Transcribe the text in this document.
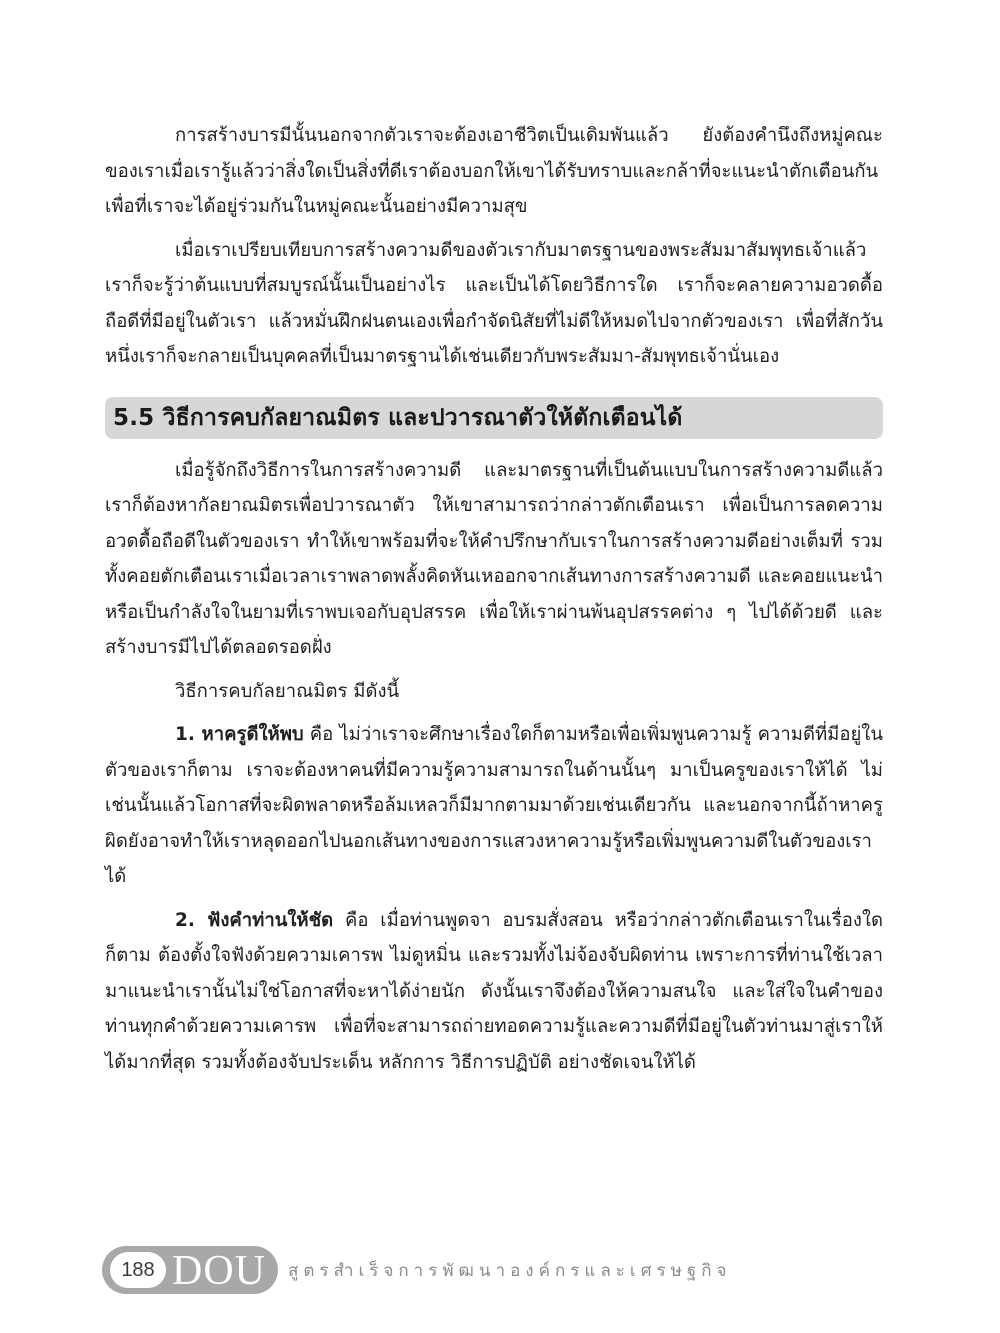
การสร้างบารมีนั้นนอกจากตัวเราจะต้องเอาชีวิตเป็นเดิมพันแล้ว ยังต้องคำนึงถึงหมู่คณะของเราเมื่อเรารู้แล้วว่าสิ่งใดเป็นสิ่งที่ดีเราต้องบอกให้เขาได้รับทราบและกล้าที่จะแนะนำตักเตือนกัน เพื่อที่เราจะได้อยู่ร่วมกันในหมู่คณะนั้นอย่างมีความสุข

เมื่อเราเปรียบเทียบการสร้างความดีของตัวเรากับมาตรฐานของพระสัมมาสัมพุทธเจ้าแล้ว เราก็จะรู้ว่าต้นแบบที่สมบูรณ์นั้นเป็นอย่างไร และเป็นได้โดยวิธีการใด เราก็จะคลายความอวดดื้อถือดีที่มีอยู่ในตัวเรา แล้วหมั่นฝึกฝนตนเองเพื่อกำจัดนิสัยที่ไม่ดีให้หมดไปจากตัวของเรา เพื่อที่สักวันหนึ่งเราก็จะกลายเป็นบุคคลที่เป็นมาตรฐานได้เช่นเดียวกับพระสัมมา-สัมพุทธเจ้านั่นเอง

5.5 วิธีการคบกัลยาณมิตร และปวารณาตัวให้ตักเตือนได้

เมื่อรู้จักถึงวิธีการในการสร้างความดี และมาตรฐานที่เป็นต้นแบบในการสร้างความดีแล้ว เราก็ต้องหากัลยาณมิตรเพื่อปวารณาตัว ให้เขาสามารถว่ากล่าวตักเตือนเรา เพื่อเป็นการลดความอวดดื้อถือดีในตัวของเรา ทำให้เขาพร้อมที่จะให้คำปรึกษากับเราในการสร้างความดีอย่างเต็มที่ รวมทั้งคอยตักเตือนเราเมื่อเวลาเราพลาดพลั้งคิดหันเหออกจากเส้นทางการสร้างความดี และคอยแนะนำหรือเป็นกำลังใจในยามที่เราพบเจอกับอุปสรรค เพื่อให้เราผ่านพ้นอุปสรรคต่าง ๆ ไปได้ด้วยดี และสร้างบารมีไปได้ตลอดรอดฝั่ง

วิธีการคบกัลยาณมิตร มีดังนี้

1. หาครูดีให้พบ คือ ไม่ว่าเราจะศึกษาเรื่องใดก็ตามหรือเพื่อเพิ่มพูนความรู้ ความดีที่มีอยู่ในตัวของเราก็ตาม เราจะต้องหาคนที่มีความรู้ความสามารถในด้านนั้นๆ มาเป็นครูของเราให้ได้ ไม่เช่นนั้นแล้วโอกาสที่จะผิดพลาดหรือล้มเหลวก็มีมากตามมาด้วยเช่นเดียวกัน และนอกจากนี้ถ้าหาครูผิดยังอาจทำให้เราหลุดออกไปนอกเส้นทางของการแสวงหาความรู้หรือเพิ่มพูนความดีในตัวของเราได้

2. ฟังคำท่านให้ชัด คือ เมื่อท่านพูดจา อบรมสั่งสอน หรือว่ากล่าวตักเตือนเราในเรื่องใดก็ตาม ต้องตั้งใจฟังด้วยความเคารพ ไม่ดูหมิ่น และรวมทั้งไม่จ้องจับผิดท่าน เพราะการที่ท่านใช้เวลามาแนะนำเรานั้นไม่ใช่โอกาสที่จะหาได้ง่ายนัก ดังนั้นเราจึงต้องให้ความสนใจ และใส่ใจในคำของท่านทุกคำด้วยความเคารพ เพื่อที่จะสามารถถ่ายทอดความรู้และความดีที่มีอยู่ในตัวท่านมาสู่เราให้ได้มากที่สุด รวมทั้งต้องจับประเด็น หลักการ วิธีการปฏิบัติ อย่างชัดเจนให้ได้

188 DOU สูตรสำเร็จการพัฒนาองค์กรและเศรษฐกิจ
